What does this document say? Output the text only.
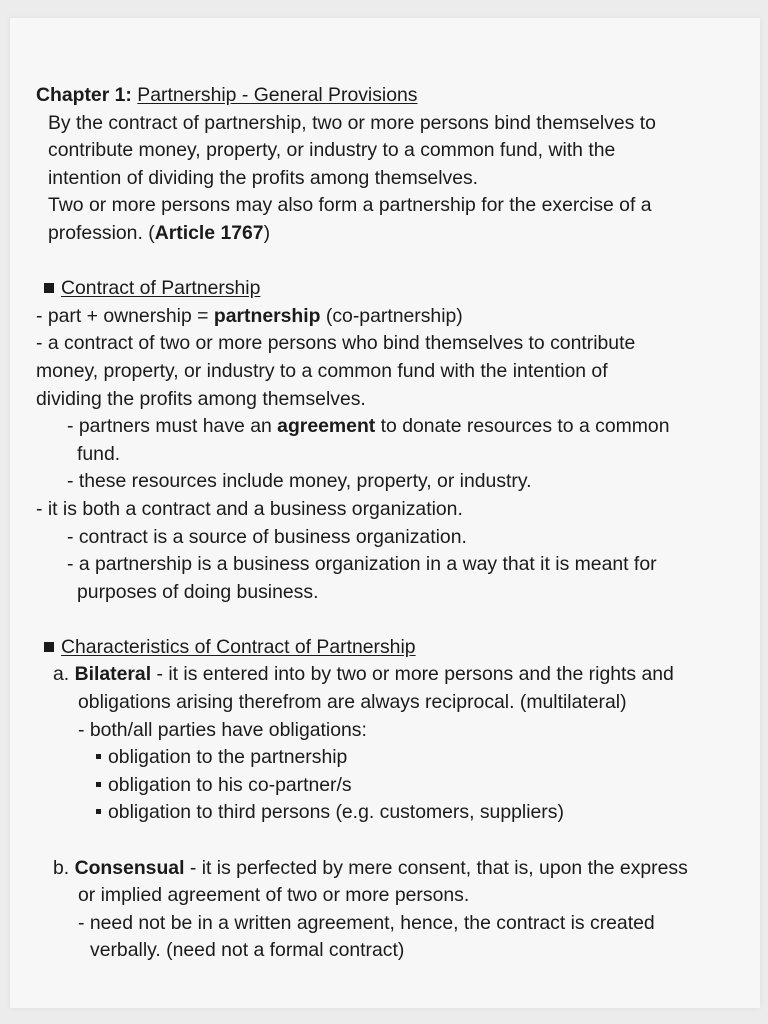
Chapter 1: Partnership - General Provisions
By the contract of partnership, two or more persons bind themselves to
contribute money, property, or industry to a common fund, with the
intention of dividing the profits among themselves.
Two or more persons may also form a partnership for the exercise of a
profession. (Article 1767)
Contract of Partnership
- part + ownership = partnership (co-partnership)
- a contract of two or more persons who bind themselves to contribute
money, property, or industry to a common fund with the intention of
dividing the profits among themselves.
- partners must have an agreement to donate resources to a common
fund.
- these resources include money, property, or industry.
- it is both a contract and a business organization.
- contract is a source of business organization.
- a partnership is a business organization in a way that it is meant for
purposes of doing business.
Characteristics of Contract of Partnership
a. Bilateral - it is entered into by two or more persons and the rights and
obligations arising therefrom are always reciprocal. (multilateral)
- both/all parties have obligations:
obligation to the partnership
obligation to his co-partner/s
obligation to third persons (e.g. customers, suppliers)
b. Consensual - it is perfected by mere consent, that is, upon the express
or implied agreement of two or more persons.
- need not be in a written agreement, hence, the contract is created
verbally. (need not a formal contract)
